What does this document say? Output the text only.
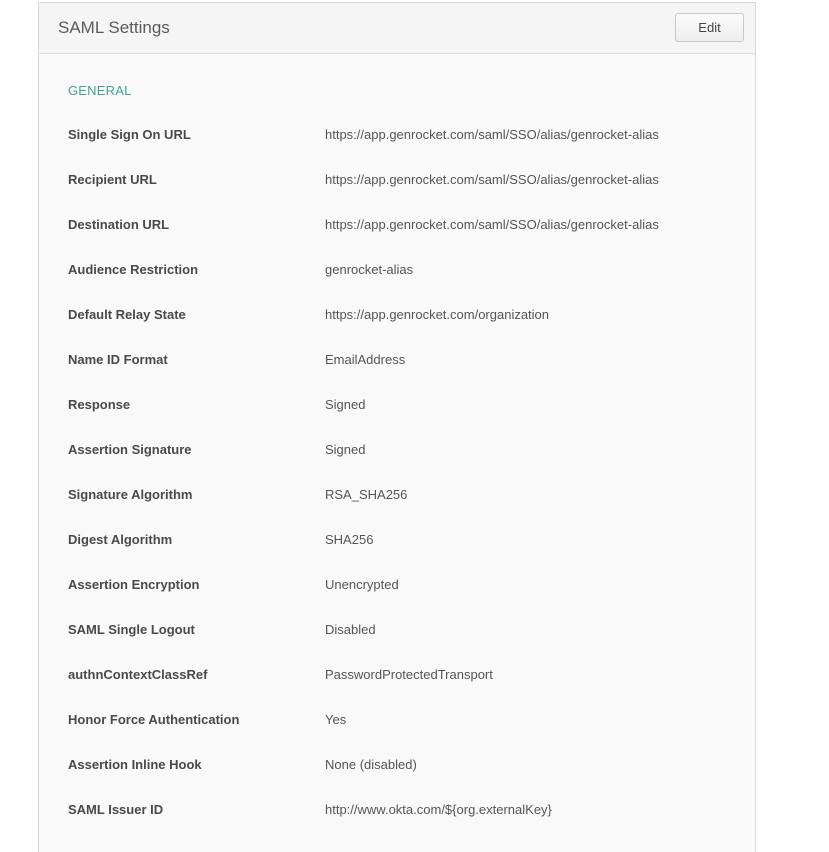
SAML Settings	Edit
GENERAL
Single Sign On URL	https://app.genrocket.com/saml/SSO/alias/genrocket-alias
Recipient URL	https://app.genrocket.com/saml/SSO/alias/genrocket-alias
Destination URL	https://app.genrocket.com/saml/SSO/alias/genrocket-alias
Audience Restriction	genrocket-alias
Default Relay State	https://app.genrocket.com/organization
Name ID Format	EmailAddress
Response	Signed
Assertion Signature	Signed
Signature Algorithm	RSA_SHA256
Digest Algorithm	SHA256
Assertion Encryption	Unencrypted
SAML Single Logout	Disabled
authnContextClassRef	PasswordProtectedTransport
Honor Force Authentication	Yes
Assertion Inline Hook	None (disabled)
SAML Issuer ID	http://www.okta.com/${org.externalKey}
